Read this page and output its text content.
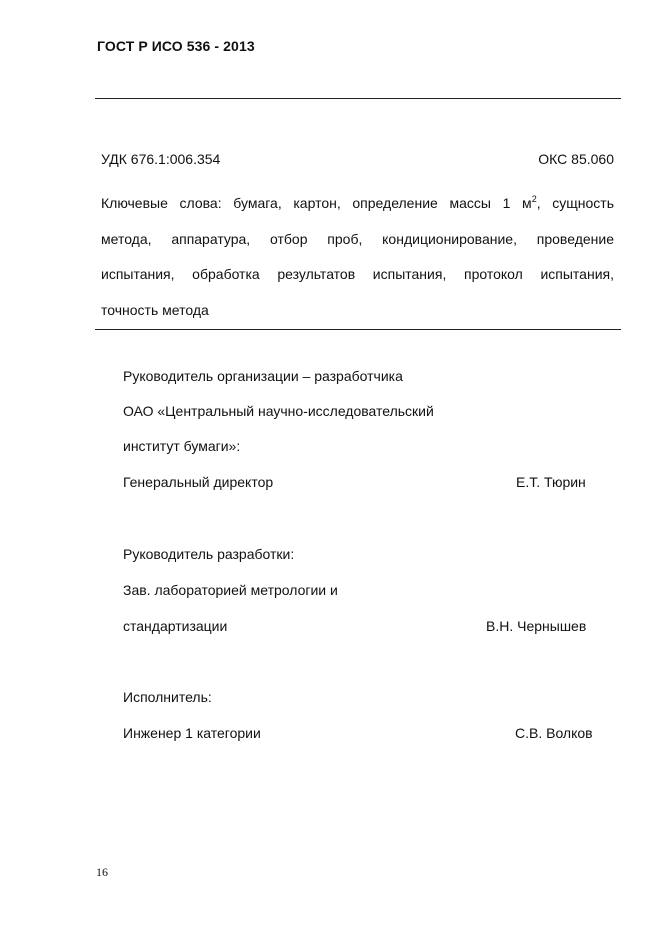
ГОСТ Р ИСО 536 - 2013
УДК 676.1:006.354	ОКС 85.060
Ключевые слова: бумага, картон, определение массы 1 $м^2$, сущность
метода, аппаратура, отбор проб, кондиционирование, проведение
испытания, обработка результатов испытания, протокол испытания,
точность метода
Руководитель организации – разработчика
ОАО «Центральный научно-исследовательский
институт бумаги»:
Генеральный директор	Е.Т. Тюрин
Руководитель разработки:
Зав. лабораторией метрологии и
стандартизации	В.Н. Чернышев
Исполнитель:
Инженер 1 категории	С.В. Волков
16
